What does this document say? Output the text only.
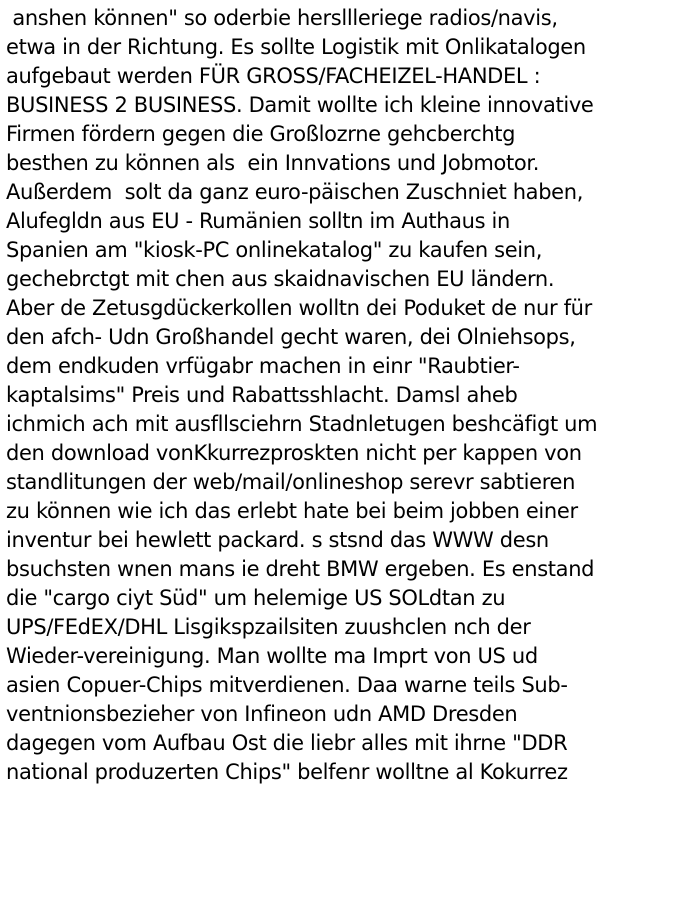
anshen können" so oderbie hersllleriege radios/navis,
etwa in der Richtung. Es sollte Logistik mit Onlikatalogen
aufgebaut werden FÜR GROSS/FACHEIZEL-HANDEL :
BUSINESS 2 BUSINESS. Damit wollte ich kleine innovative
Firmen fördern gegen die Großlozrne gehcberchtg
besthen zu können als  ein Innvations und Jobmotor.
Außerdem  solt da ganz euro-päischen Zuschniet haben,
Alufegldn aus EU - Rumänien solltn im Authaus in
Spanien am "kiosk-PC onlinekatalog" zu kaufen sein,
gechebrctgt mit chen aus skaidnavischen EU ländern.
Aber de Zetusgdückerkollen wolltn dei Poduket de nur für
den afch- Udn Großhandel gecht waren, dei Olniehsops,
dem endkuden vrfügabr machen in einr "Raubtier-
kaptalsims" Preis und Rabattsshlacht. Damsl aheb
ichmich ach mit ausfllsciehrn Stadnletugen beshcäfigt um
den download vonKkurrezproskten nicht per kappen von
standlitungen der web/mail/onlineshop serevr sabtieren
zu können wie ich das erlebt hate bei beim jobben einer
inventur bei hewlett packard. s stsnd das WWW desn
bsuchsten wnen mans ie dreht BMW ergeben. Es enstand
die "cargo ciyt Süd" um helemige US SOLdtan zu
UPS/FEdEX/DHL Lisgikspzailsiten zuushclen nch der
Wieder-vereinigung. Man wollte ma Imprt von US ud
asien Copuer-Chips mitverdienen. Daa warne teils Sub-
ventnionsbezieher von Infineon udn AMD Dresden
dagegen vom Aufbau Ost die liebr alles mit ihrne "DDR
national produzerten Chips" belfenr wolltne al Kokurrez
